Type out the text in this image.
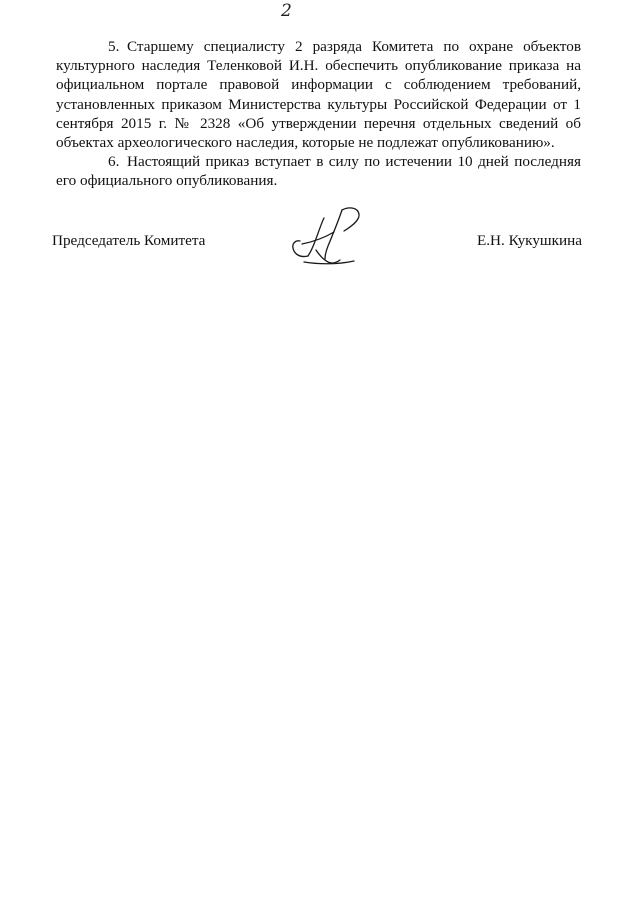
2

5. Старшему специалисту 2 разряда Комитета по охране объектов культурного наследия Теленковой И.Н. обеспечить опубликование приказа на официальном портале правовой информации с соблюдением требований, установленных приказом Министерства культуры Российской Федерации от 1 сентября 2015 г. № 2328 «Об утверждении перечня отдельных сведений об объектах археологического наследия, которые не подлежат опубликованию».

6. Настоящий приказ вступает в силу по истечении 10 дней последняя его официального опубликования.

Председатель Комитета	Е.Н. Кукушкина
